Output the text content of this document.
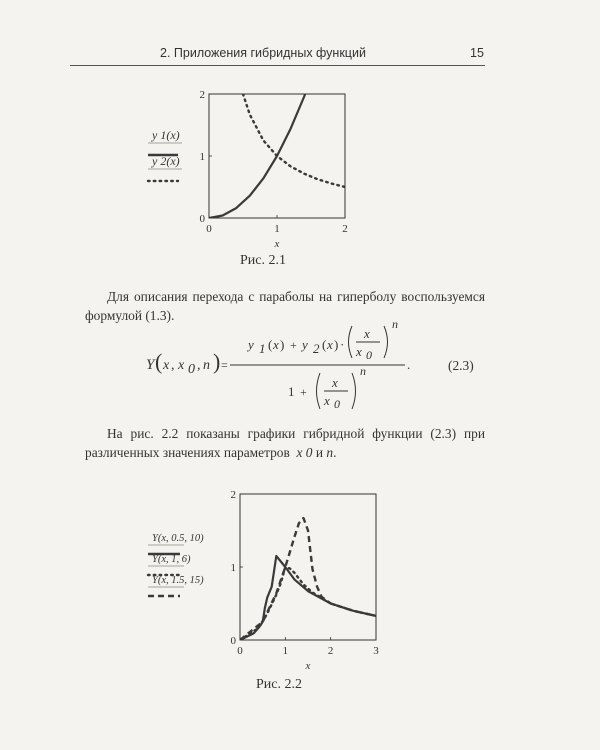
2. Приложения гибридных функций	15
0	1	2
0
1
2
x
y 1(x)
y 2(x)
0	1	2	3
0
1
2
x
Y(x, 0.5, 10)
Y(x, 1, 6)
Y(x, 1.5, 15)
Рис. 2.1
Для описания перехода с параболы на гиперболу воспользуемся формулой (1.3).
Y ( x , x 0 , n ) =
y 1 ( x ) + y 2 ( x ) ·
x
x 0
n
1 +
x
x 0
n	.	(2.3)
На рис. 2.2 показаны графики гибридной функции (2.3) при различенных значениях параметров x 0 и n.
Рис. 2.2
